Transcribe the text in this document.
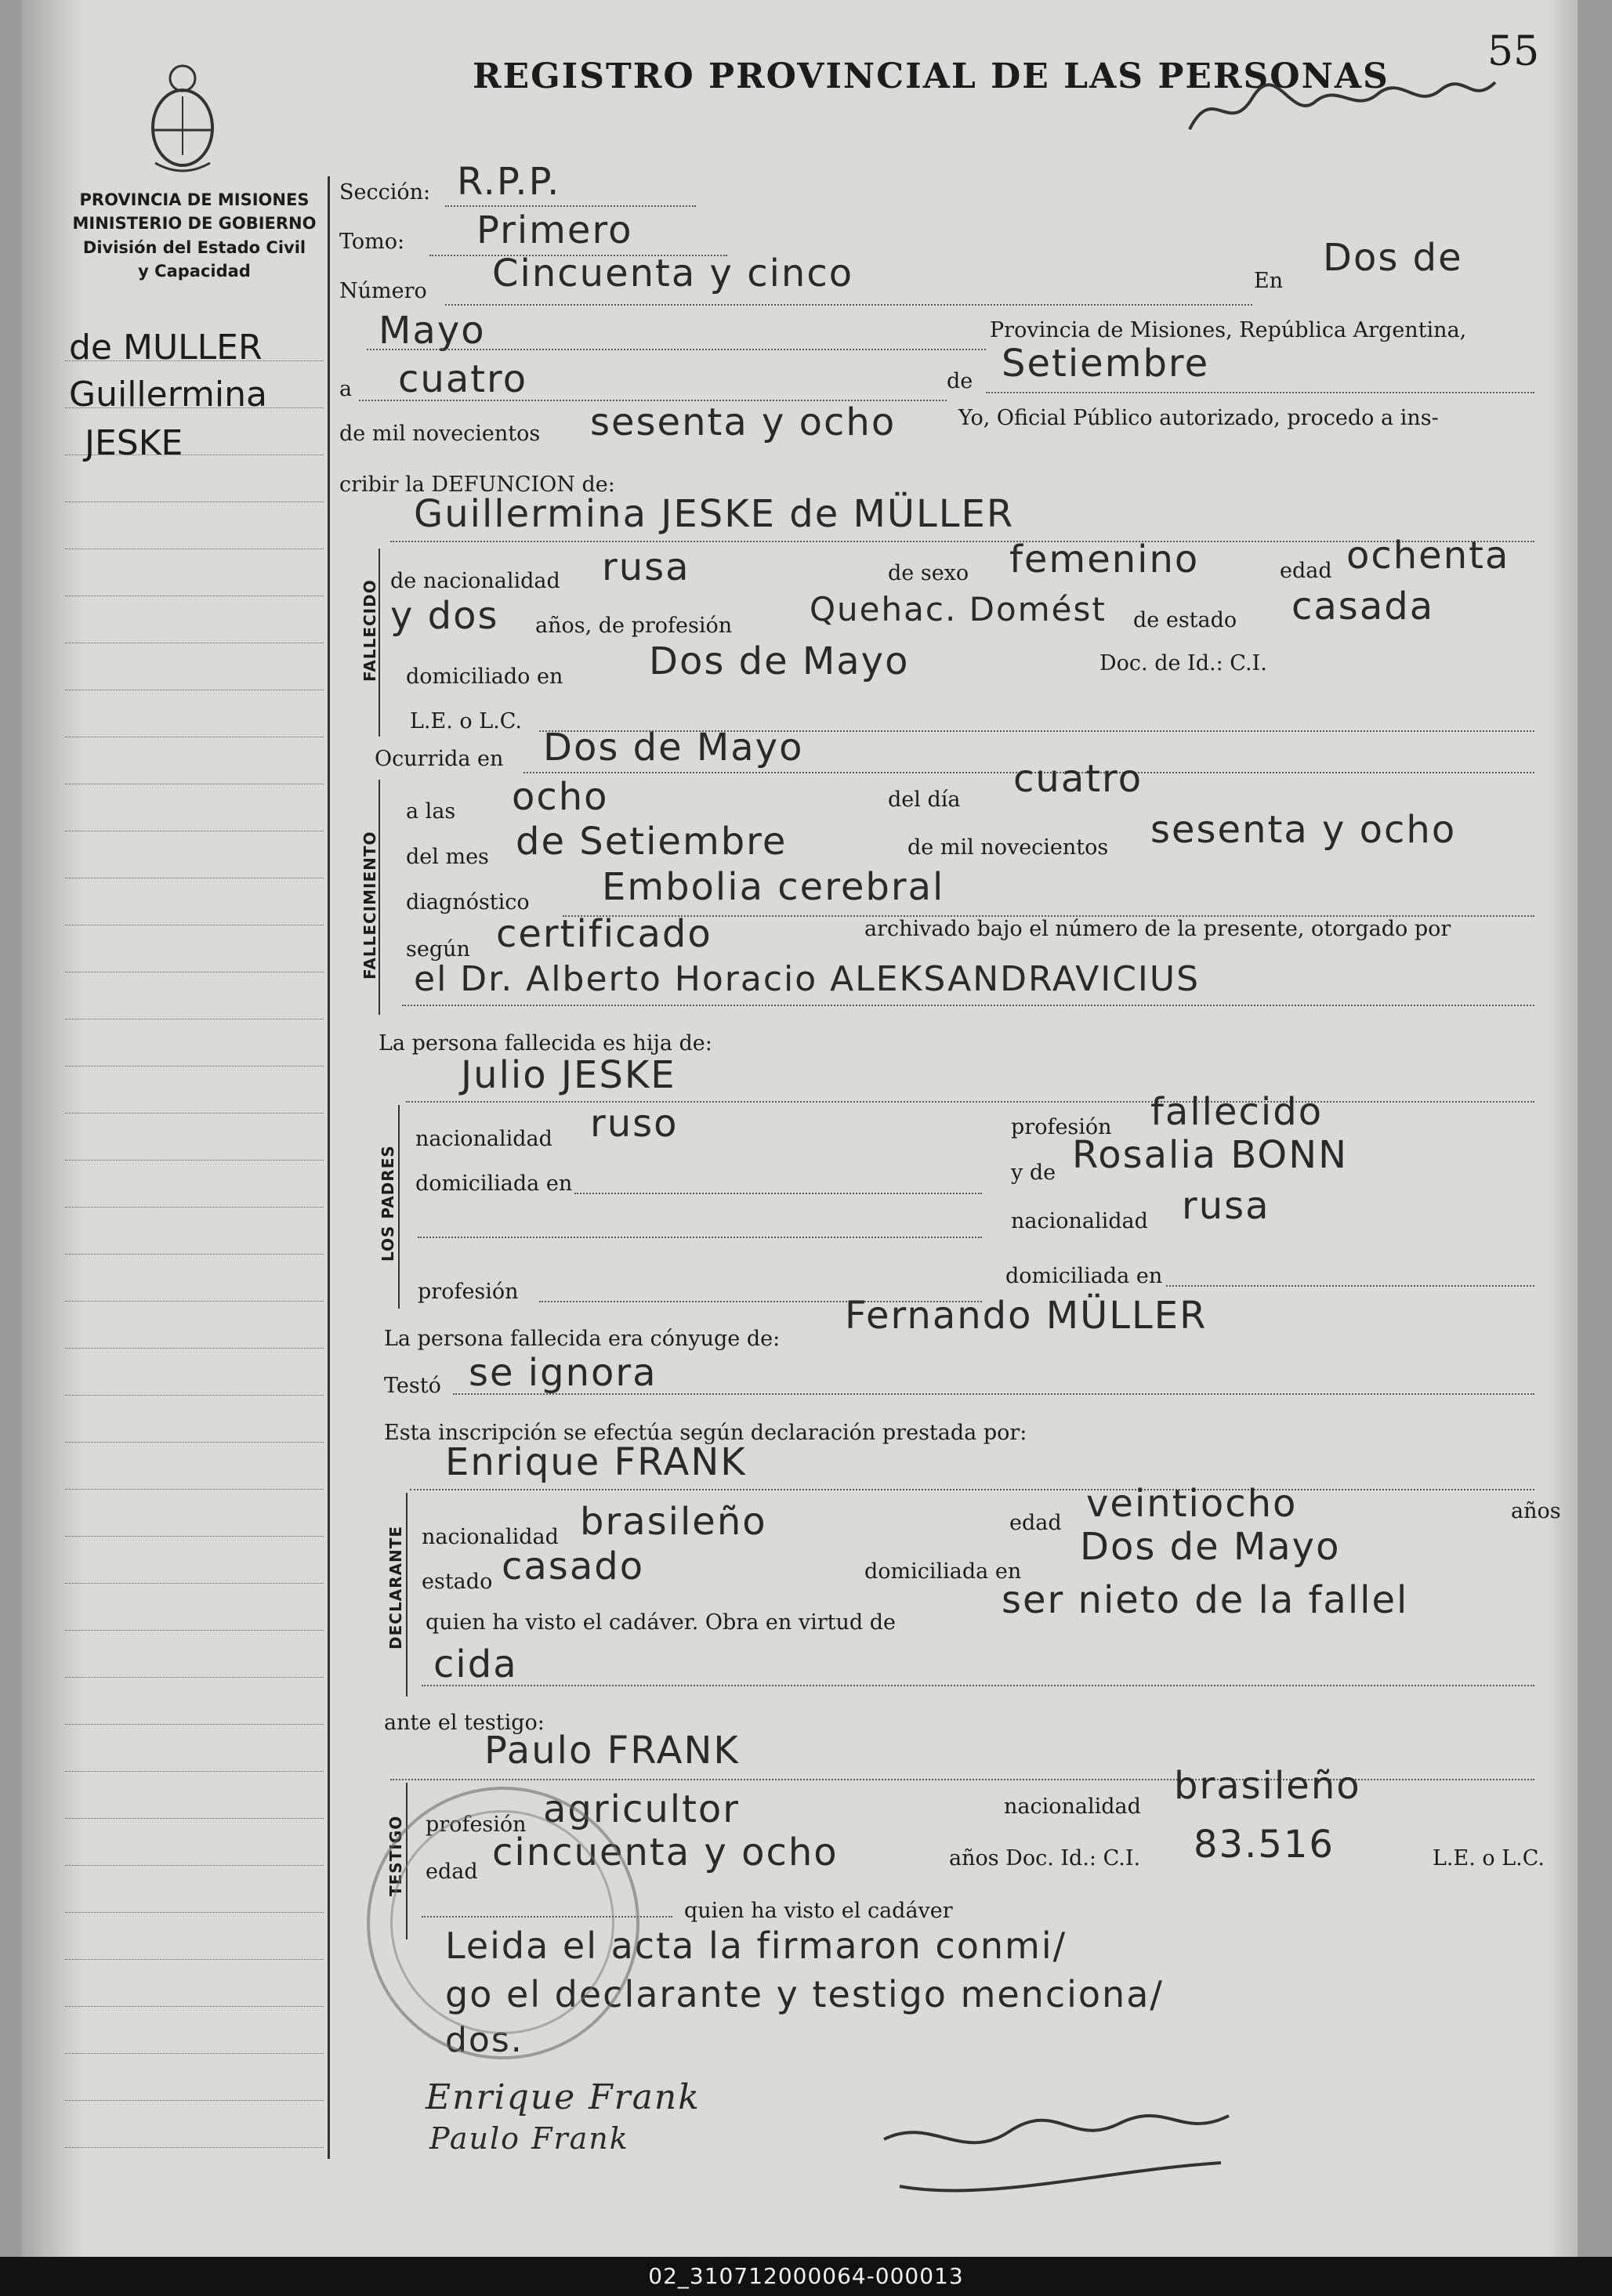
PROVINCIA DE MISIONES
MINISTERIO DE GOBIERNO
División del Estado Civil
y Capacidad
REGISTRO PROVINCIAL DE LAS PERSONAS
55
de MULLER
Guillermina
JESKE
Sección: R.P.P.
Tomo: Primero
Número Cincuenta y cinco	En
Dos de
Mayo	Provincia de Misiones, República Argentina,
a cuatro	de Setiembre
de mil novecientos sesenta y ocho	Yo, Oficial Público autorizado, procedo a ins-
cribir la DEFUNCION de:
Guillermina JESKE de MÜLLER
FALLECIDO de nacionalidad rusa	de sexo femenino	edad ochenta
y dos años, de profesión Quehac. Domést de estado casada
domiciliado en Dos de Mayo	Doc. de Id.: C.I.
L.E. o L.C.
Ocurrida en Dos de Mayo
FALLECIMIENTO
a las ocho	del día cuatro
del mes de Setiembre	de mil novecientos sesenta y ocho
diagnóstico Embolia cerebral
según certificado	archivado bajo el número de la presente, otorgado por
el Dr. Alberto Horacio ALEKSANDRAVICIUS
La persona fallecida es hija de:
Julio JESKE
LOS PADRES
nacionalidad ruso	profesión fallecido
domiciliada en	y de Rosalia BONN
nacionalidad rusa
profesión
domiciliada en
La persona fallecida era cónyuge de:
Fernando MÜLLER
Testó se ignora
Esta inscripción se efectúa según declaración prestada por:
Enrique FRANK
DECLARANTE nacionalidad brasileño	edad veintiocho	años
estado casado	domiciliada en
Dos de Mayo
quien ha visto el cadáver. Obra en virtud de
ser nieto de la fallel
cida
ante el testigo:
Paulo FRANK
TESTIGO profesión agricultor	nacionalidad brasileño
edad cincuenta y ocho	años Doc. Id.: C.I. 83.516	L.E. o L.C.
quien ha visto el cadáver
Leida el acta la firmaron conmi/
go el declarante y testigo menciona/
dos.
Enrique Frank
Paulo Frank
02_310712000064-000013
